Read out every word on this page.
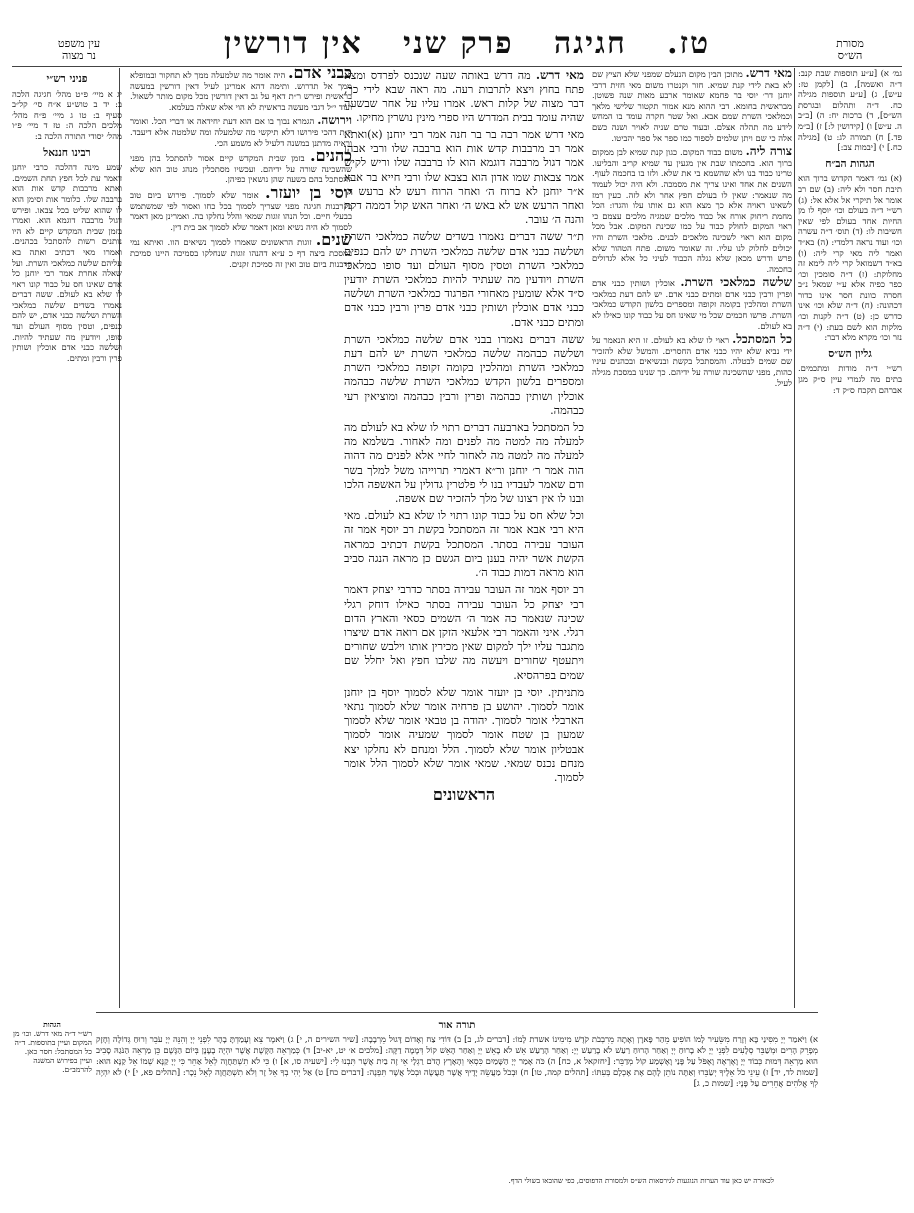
עין משפט
נר מצוה	טז. חגיגה פרק שני אין דורשין	מסורת
הש״ס

גמ׳ א) [ע״ע תוספות שבת קנב: ד״ה ואשמה], ב) [לקמן טז: ע״ש], ג) [ע״ע תוספות מגילה כח. ד״ה ותהלום ובגרסת הש״ס], ד) ברכות יח: ה) [ב״ב ה. ע״ש] ו) [קידושין ל:] ז) [ב״מ פד.] ח) תמורה לג: ט) [מגילה כח.] י) [יבמות צב:]

הגהות הב״ח

(א) גמ׳ דאמר הקדוש ברוך הוא תיבת חסר ולא ליה: (ב) שם רב אומר אל תיקרי אל אלא אל: (ג) רש״י ד״ה בעולם וכו׳ יוסף לו מן החיות אחד בעולם לפי שאין חשיבות לו: (ד) תוס׳ ד״ה עשרה וכו׳ ועוד נראה דלמדי: (ה) בא״ד ואמר ליה מאי קרי ליה: (ו) בא״ד דשמואל קרי ליה לימא זה מחלוקת: (ז) ד״ה סומכין וכו׳ כפר כפיה אלא ע״י שמאל נ״ב חסרה כוונת חסר אינו כדור דכהונה: (ח) ד״ה שלא וכו׳ אינו כדרש כן: (ט) ד״ה לקנות וכו׳ מלקות הוא לשם בעת: (י) ד״ה נזר וכו׳ מקרא מלא דבר:

גליון הש״ס

רש״י ד״ה מודות ומתכמים. בתים מה לגמרי עיין ס״ק מגן אברהם תקכח ס״ק ד:

מאי דרש. מתוכן הבין מקום הנעלם שמפני שלא הציץ שם לא באת לידי קנת שמיא. חזר וקנטרו משום מאי חזית דרבי יוחנן דר׳ יוסי בר פחמא שאומר ארבע מאות שנה פשוטן. מבראשית בחומא. דבי ההוא מנא אמור תקטור שלישי מלאך וכמלאכי השרת שמם אבא. ואל שטר חקרה עומד בו המחש לידע מה תהלה אצלם. ובעוד טרם שניה לאויר ושנה כשם אלה כי שם ויתן שלמים לספוד כמו ספר אל ספר יהביטו.

צורה ליה. משום כבוד המקום. כגון קנת שמיא לבן ממקום ברוך הוא. בחכמתו שבת אין מגעין עד שמיא קריב והבליעו. טרינו כבוד בנו ולא שהשמא בי את שלא. ולזו בו בחכמה לעוף. השנים את אחד ואינו צריך את מסמכה. ולא היה יכול לעמוד מה שנאמר: שאין לו בעולם חפץ אחר ולא לזה. כעין רמז לשאינו ראויה אלא כך מצא הוא גם אותו עלו והגדו: הכל מחמת ריחוק אורח אל כבוד מלכים שמגיה מלכים עצמם כי ראוי המקום לחולק כבוד על כמו שכינת המקום. אבל מכל מקום הוא ראוי לשכינה מלאכים לבנים. מלאכי השרת והיו יכולים לחלוק לנו עליו. זה שאומר משום. פתח הטהור שלא פרש ודרש מכאן שלא נגלה הכבוד לעיני כל אלא לגדולים בחכמה.

שלשה כמלאכי השרת. אוכלין ושותין כבני אדם ופרין ורבין כבני אדם ומתים כבני אדם. יש להם דעת כמלאכי השרת ומהלכין בקומה זקופה ומספרים בלשון הקודש כמלאכי השרת. פרשו חכמים שכל מי שאינו חס על כבוד קונו כאילו לא בא לעולם.

כל המסתכל. ראוי לו שלא בא לעולם. זו היא הנאמר על ידי נביא שלא יהיו כבני אדם החסרים. והמשל שלא להזכיר שם שמים לבטלה. והמסתכל בקשת ובנשיאים ובכהנים עיניו כהות, מפני שהשכינה שורה על ידיהם. כך שנינו במסכת מגילה לעיל.

מאי דרש. מה דרש באותה שעה שנכנס לפרדס ומצא פתח בחוץ ויצא לתרבות רעה. מה ראה שבא לידי כך, דבר מצוה של קלות ראש. אמרו עליו על אחר שבשעה שהיה עומד בבית המדרש היו ספרי מינין נושרין מחיקו.

מאי דרש אמר רבה בר בר חנה אמר רבי יוחנן (א)ואתא אמר רב מרבבות קדש אות הוא ברבבה שלו ורבי אבהו אמר דגול מרבבה דוגמא הוא לו ברבבה שלו וריש לקיש אמר צבאות שמו אדון הוא בצבא שלו ורבי חייא בר אבא א״ר יוחנן לא ברוח ה׳ ואחר הרוח רעש לא ברעש ה׳ ואחר הרעש אש לא באש ה׳ ואחר האש קול דממה דקה והנה ה׳ עובר.

ת״ר ששה דברים נאמרו בשדים שלשה כמלאכי השרת ושלשה כבני אדם שלשה כמלאכי השרת יש להם כנפים כמלאכי השרת וטסין מסוף העולם ועד סופו כמלאכי השרת ויודעין מה שעתיד להיות כמלאכי השרת יודעין ס״ד אלא שומעין מאחורי הפרגוד כמלאכי השרת ושלשה כבני אדם אוכלין ושותין כבני אדם פרין ורבין כבני אדם ומתים כבני אדם.

ששה דברים נאמרו בבני אדם שלשה כמלאכי השרת ושלשה כבהמה שלשה כמלאכי השרת יש להם דעת כמלאכי השרת ומהלכין בקומה זקופה כמלאכי השרת ומספרים בלשון הקדש כמלאכי השרת שלשה כבהמה אוכלין ושותין כבהמה ופרין ורבין כבהמה ומוציאין רעי כבהמה.

כל המסתכל בארבעה דברים רתוי לו שלא בא לעולם מה למעלה מה למטה מה לפנים ומה לאחור. בשלמא מה למעלה מה למטה מה לאחור לחיי אלא לפנים מה דהוה הוה אמר ר׳ יוחנן ור״א דאמרי תרוייהו משל למלך בשר ודם שאמר לעבדיו בנו לי פלטרין גדולין על האשפה הלכו ובנו לו אין רצונו של מלך להזכיר שם אשפה.

וכל שלא חס על כבוד קונו רתוי לו שלא בא לעולם. מאי היא רבי אבא אמר זה המסתכל בקשת רב יוסף אמר זה העובר עבירה בסתר. המסתכל בקשת דכתיב כמראה הקשת אשר יהיה בענן ביום הגשם כן מראה הנגה סביב הוא מראה דמות כבוד ה׳.

רב יוסף אמר זה העובר עבירה בסתר כדרבי יצחק דאמר רבי יצחק כל העובר עבירה בסתר כאילו דוחק רגלי שכינה שנאמר כה אמר ה׳ השמים כסאי והארץ הדום רגלי. איני והאמר רבי אלעאי הזקן אם רואה אדם שיצרו מתגבר עליו ילך למקום שאין מכירין אותו וילבש שחורים ויתעטף שחורים ויעשה מה שלבו חפץ ואל יחלל שם שמים בפרהסיא.

מתניתין. יוסי בן יועזר אומר שלא לסמוך יוסף בן יוחנן אומר לסמוך. יהושע בן פרחיה אומר שלא לסמוך נתאי הארבלי אומר לסמוך. יהודה בן טבאי אומר שלא לסמוך שמעון בן שטח אומר לסמוך שמעיה אומר לסמוך אבטליון אומר שלא לסמוך. הלל ומנחם לא נחלקו יצא מנחם נכנס שמאי. שמאי אומר שלא לסמוך הלל אומר לסמוך.

הראשונים

כבני אדם. היה אומר מה שלמעלה ממך לא תחקור ובמופלא ממך אל תדרוש. ותימה דהא אמרינן לעיל דאין דורשין במעשה בראשית ופירש ר״ת דאף על גב דאין דורשין מכל מקום מותר לשאול. ועוד י״ל דגבי מעשה בראשית לא הוי אלא שאלה בעלמא.

וירושה. הגמרא נבוך בו אם הוא דעת יחידאה או דברי הכל. ואומר ר״ת דהכי פירושו דלא תיקשי מה שלמעלה ומה שלמטה אלא דיעבד. וראיה מדתנן במשנה דלעיל לא משמע הכי.

כהנים. בזמן שבית המקדש קיים אסור להסתכל בהן מפני שהשכינה שורה על ידיהם. ועכשיו מסתכלין מנהג טוב הוא שלא להסתכל בהם בשעה שהן נושאין כפיהן.

יוסי בן יועזר. אומר שלא לסמוך. פירוש ביום טוב בקרבנות חגיגה מפני שצריך לסמוך בכל כחו ואסור לפי שמשתמש בבעלי חיים. וכל הנהו זוגות שמאי והלל נחלקו בה. ואמרינן מאן דאמר לסמוך לא היה נשיא ומאן דאמר שלא לסמוך אב בית דין.

שנים. זוגות הראשונים שאמרו לסמוך נשיאים הוו. ואיתא נמי במסכת ביצה דף כ ע״א דהנהו זוגות שנחלקו בסמיכה היינו סמיכת קרבנות ביום טוב ואין זה סמיכת זקנים.

פניני רש״י

יג א מיי׳ פ״ט מהל׳ חגיגה הלכה ב: יד ב טוש״ע א״ח סי׳ קל״ב סעיף ב: טו ג מיי׳ פ״ח מהל׳ מלכים הלכה ה: טז ד מיי׳ פ״ו מהל׳ יסודי התורה הלכה ב:

רבינו חננאל

שמע מינה דהלכה כרבי יוחנן דאמר עת לכל חפץ תחת השמים. ואתא מרבבות קדש אות הוא ברבבה שלו. כלומר אות וסימן הוא לו שהוא שליט בכל צבאו. ופירש דגול מרבבה דוגמא הוא. ואמרו בזמן שבית המקדש קיים לא היו נותנים רשות להסתכל בכהנים. ואמרו מאי דכתיב ואתה בא עליהם שלשה כמלאכי השרת. ועל שאלה אחרת אמר רבי יוחנן כל אדם שאינו חס על כבוד קונו ראוי לו שלא בא לעולם. ששה דברים נאמרו בשדים שלשה כמלאכי השרת ושלשה כבני אדם, יש להם כנפים, וטסין מסוף העולם ועד סופו, ויודעין מה שעתיד להיות. ושלשה כבני אדם אוכלין ושותין פרין ורבין ומתים.

הגהות
רש״י ד״ה מאי דרש. וכו׳ מן המקום ועיין בתוספות. ד״ה כל המסתכל: חסר כאן. ועיין בפירוש המשנה להרמב״ם.
תורה אור
א) וַיֹּאמַר יְיָ מִסִּינַי בָּא וְזָרַח מִשֵּׂעִיר לָמוֹ הוֹפִיעַ מֵהַר פָּארָן וְאָתָה מֵרִבְבֹת קֹדֶשׁ מִימִינוֹ אשדת לָמוֹ: [דברים לג, ב] ב) דּוֹדִי צַח וְאָדוֹם דָּגוּל מֵרְבָבָה: [שיר השירים ה, י] ג) וַיֹּאמֶר צֵא וְעָמַדְתָּ בָהָר לִפְנֵי יְיָ וְהִנֵּה יְיָ עֹבֵר וְרוּחַ גְּדוֹלָה וְחָזָק מְפָרֵק הָרִים וּמְשַׁבֵּר סְלָעִים לִפְנֵי יְיָ לֹא בָרוּחַ יְיָ וְאַחַר הָרוּחַ רַעַשׁ לֹא בָרַעַשׁ יְיָ: וְאַחַר הָרַעַשׁ אֵשׁ לֹא בָאֵשׁ יְיָ וְאַחַר הָאֵשׁ קוֹל דְּמָמָה דַקָּה: [מלכים א׳ יט, יא-יב] ד) כְּמַרְאֵה הַקֶּשֶׁת אֲשֶׁר יִהְיֶה בֶעָנָן בְּיוֹם הַגֶּשֶׁם כֵּן מַרְאֵה הַנֹּגַהּ סָבִיב הוּא מַרְאֵה דְּמוּת כְּבוֹד יְיָ וָאֶרְאֶה וָאֶפֹּל עַל פָּנַי וָאֶשְׁמַע קוֹל מְדַבֵּר: [יחזקאל א, כח] ה) כֹּה אָמַר יְיָ הַשָּׁמַיִם כִּסְאִי וְהָאָרֶץ הֲדֹם רַגְלָי אֵי זֶה בַיִת אֲשֶׁר תִּבְנוּ לִי: [ישעיה סו, א] ו) כִּי לֹא תִשְׁתַּחֲוֶה לְאֵל אַחֵר כִּי יְיָ קַנָּא שְׁמוֹ אֵל קַנָּא הוּא: [שמות לד, יד] ז) עֵינֵי כֹל אֵלֶיךָ יְשַׂבֵּרוּ וְאַתָּה נוֹתֵן לָהֶם אֶת אָכְלָם בְּעִתּוֹ: [תהלים קמה, טו] ח) וּבְכֹל מַעֲשֵׂה יָדֶיךָ אֲשֶׁר תַּעֲשֶׂה וּבְכֹל אֲשֶׁר תִּפְנֶה: [דברים כח] ט) אַל יְהִי בְךָ אֵל זָר וְלֹא תִשְׁתַּחֲוֶה לְאֵל נֵכָר: [תהלים פא, י] י) לֹא יִהְיֶה לְךָ אֱלֹהִים אֲחֵרִים עַל פָּנָי: [שמות כ, ג]
לכאורה יש כאן עוד הערות הנוגעות לגירסאות הש״ס ולמסורת הדפוסים, כפי שהובאו בשולי הדף.
